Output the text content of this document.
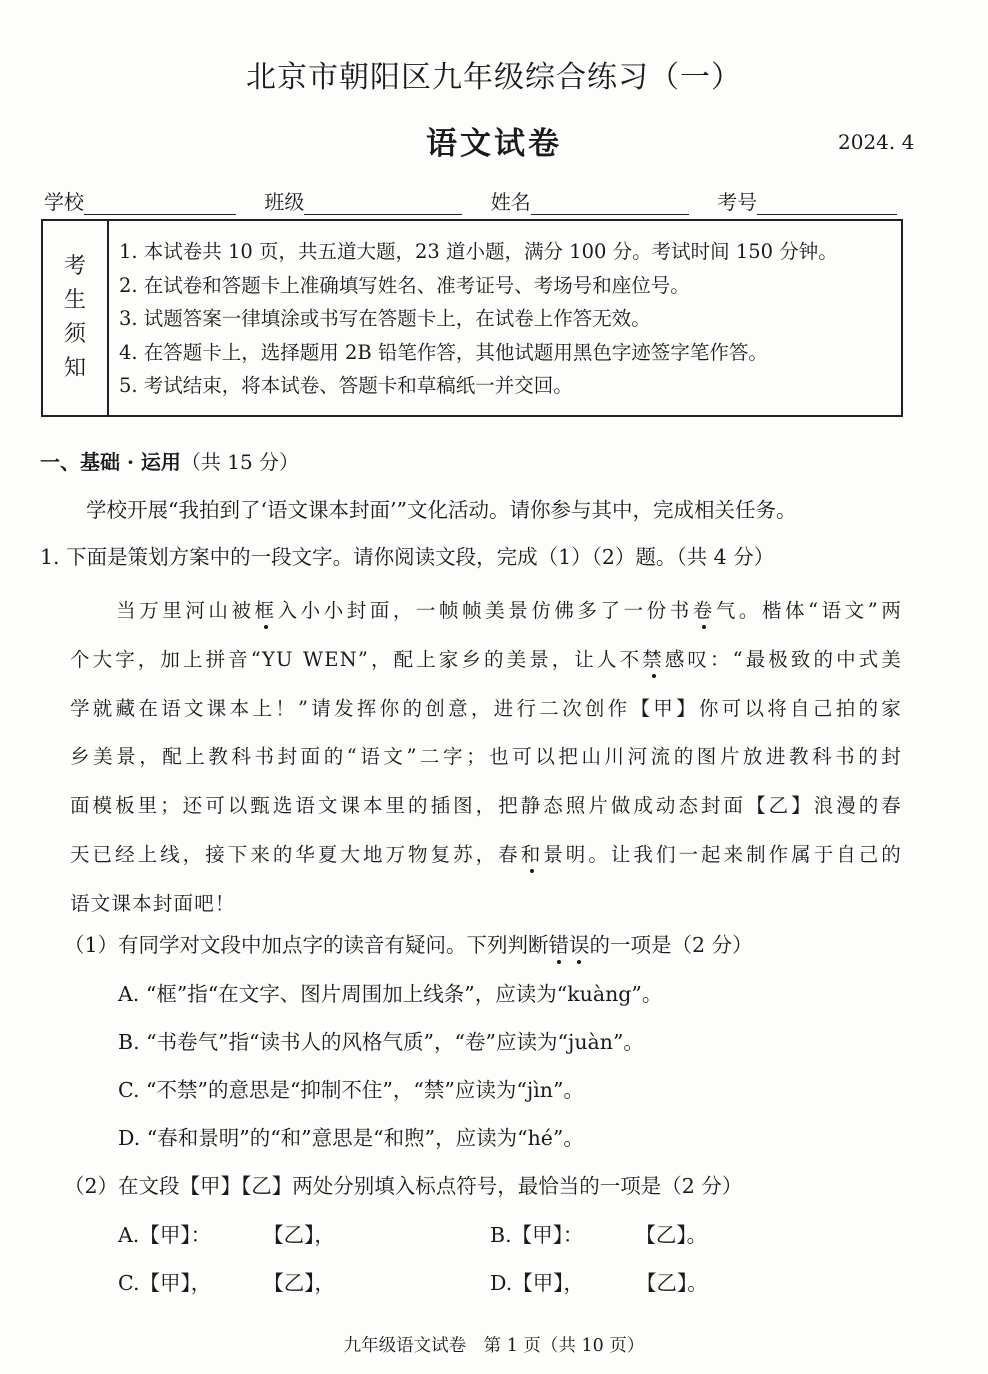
北京市朝阳区九年级综合练习（一）
语文试卷	2024. 4
学校	班级	姓名	考号
考
生
须
知
1. 本试卷共 10 页，共五道大题，23 道小题，满分 100 分。考试时间 150 分钟。
2. 在试卷和答题卡上准确填写姓名、准考证号、考场号和座位号。
3. 试题答案一律填涂或书写在答题卡上，在试卷上作答无效。
4. 在答题卡上，选择题用 2B 铅笔作答，其他试题用黑色字迹签字笔作答。
5. 考试结束，将本试卷、答题卡和草稿纸一并交回。
一、基础 · 运用（共 15 分）
学校开展“我拍到了‘语文课本封面’”文化活动。请你参与其中，完成相关任务。
1. 下面是策划方案中的一段文字。请你阅读文段，完成（1）（2）题。（共 4 分）
　　当万里河山被框入小小封面，一帧帧美景仿佛多了一份书卷气。楷体“语文”两
个大字，加上拼音“YU WEN”，配上家乡的美景，让人不禁感叹：“最极致的中式美
学就藏在语文课本上！”请发挥你的创意，进行二次创作【甲】你可以将自己拍的家
乡美景，配上教科书封面的“语文”二字；也可以把山川河流的图片放进教科书的封
面模板里；还可以甄选语文课本里的插图，把静态照片做成动态封面【乙】浪漫的春
天已经上线，接下来的华夏大地万物复苏，春和景明。让我们一起来制作属于自己的
语文课本封面吧！
（1）有同学对文段中加点字的读音有疑问。下列判断错误的一项是（2 分）
A. “框”指“在文字、图片周围加上线条”，应读为“kuàng”。
B. “书卷气”指“读书人的风格气质”，“卷”应读为“juàn”。
C. “不禁”的意思是“抑制不住”，“禁”应读为“jìn”。
D. “春和景明”的“和”意思是“和煦”，应读为“hé”。
（2）在文段【甲】【乙】两处分别填入标点符号，最恰当的一项是（2 分）
A.【甲】：	【乙】，	B.【甲】：	【乙】。
C.【甲】，	【乙】，	D.【甲】，	【乙】。
九年级语文试卷　第 1 页（共 10 页）
